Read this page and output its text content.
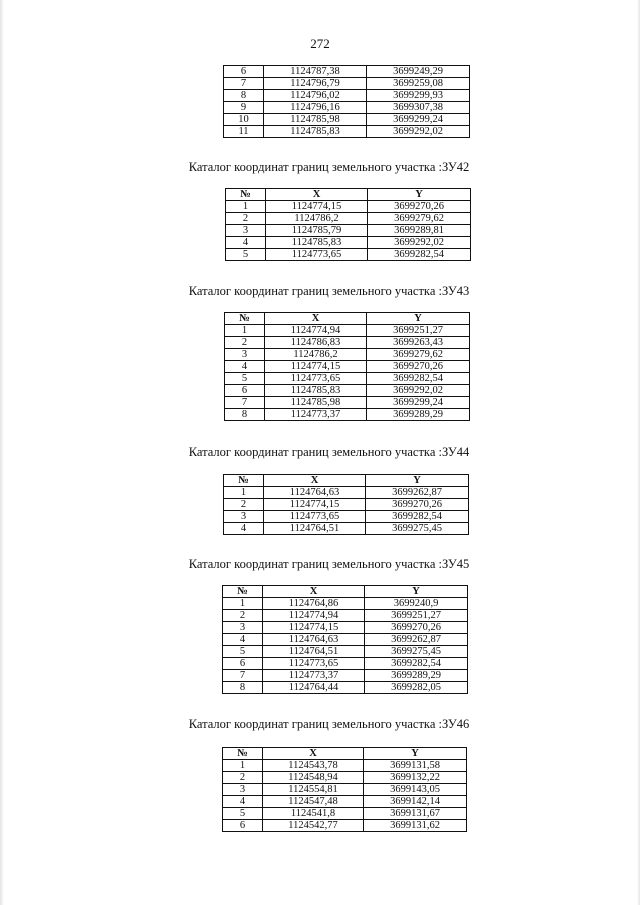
272
6	1124787,38	3699249,29
7	1124796,79	3699259,08
8	1124796,02	3699299,93
9	1124796,16	3699307,38
10	1124785,98	3699299,24
11	1124785,83	3699292,02
Каталог координат границ земельного участка :ЗУ42
№	X	Y
1	1124774,15	3699270,26
2	1124786,2	3699279,62
3	1124785,79	3699289,81
4	1124785,83	3699292,02
5	1124773,65	3699282,54
Каталог координат границ земельного участка :ЗУ43
№	X	Y
1	1124774,94	3699251,27
2	1124786,83	3699263,43
3	1124786,2	3699279,62
4	1124774,15	3699270,26
5	1124773,65	3699282,54
6	1124785,83	3699292,02
7	1124785,98	3699299,24
8	1124773,37	3699289,29
Каталог координат границ земельного участка :ЗУ44
№	X	Y
1	1124764,63	3699262,87
2	1124774,15	3699270,26
3	1124773,65	3699282,54
4	1124764,51	3699275,45
Каталог координат границ земельного участка :ЗУ45
№	X	Y
1	1124764,86	3699240,9
2	1124774,94	3699251,27
3	1124774,15	3699270,26
4	1124764,63	3699262,87
5	1124764,51	3699275,45
6	1124773,65	3699282,54
7	1124773,37	3699289,29
8	1124764,44	3699282,05
Каталог координат границ земельного участка :ЗУ46
№	X	Y
1	1124543,78	3699131,58
2	1124548,94	3699132,22
3	1124554,81	3699143,05
4	1124547,48	3699142,14
5	1124541,8	3699131,67
6	1124542,77	3699131,62
